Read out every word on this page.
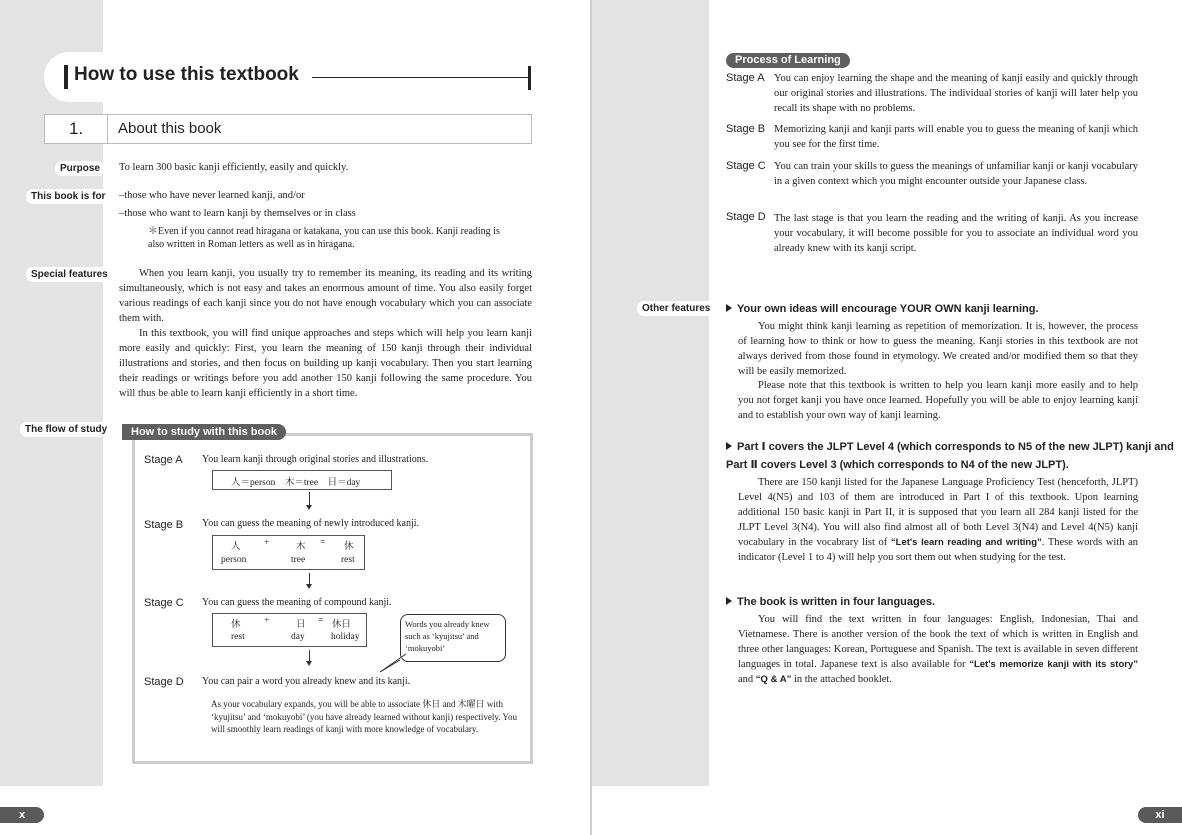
How to use this textbook
1. About this book
Purpose	To learn 300 basic kanji efficiently, easily and quickly.
This book is for	–those who have never learned kanji, and/or
–those who want to learn kanji by themselves or in class
＊Even if you cannot read hiragana or katakana, you can use this book. Kanji reading is also written in Roman letters as well as in hiragana.
Special features	When you learn kanji, you usually try to remember its meaning, its reading and its writing simultaneously, which is not easy and takes an enormous amount of time. You also easily forget various readings of each kanji since you do not have enough vocabulary which you can associate them with.
In this textbook, you will find unique approaches and steps which will help you learn kanji more easily and quickly: First, you learn the meaning of 150 kanji through their individual illustrations and stories, and then focus on building up kanji vocabulary. Then you start learning their readings or writings before you add another 150 kanji following the same procedure. You will thus be able to learn kanji efficiently in a short time.
The flow of study	How to study with this book
Stage A You learn kanji through original stories and illustrations.
人＝person　木＝tree　日＝day
Stage B You can guess the meaning of newly introduced kanji.
人 +	木 = 休
person	tree	rest
Stage C You can guess the meaning of compound kanji.
休 +	日 = 休日
rest	day	holiday
Words you already knew such as ‘kyujitsu’ and ‘mokuyobi’
Stage D You can pair a word you already knew and its kanji.
As your vocabulary expands, you will be able to associate 休日 and 木曜日 with ‘kyujitsu’ and ‘mokuyobi’ (you have already learned without kanji) respectively. You will smoothly learn readings of kanji with more knowledge of vocabulary.
x
Process of Learning
Stage A You can enjoy learning the shape and the meaning of kanji easily and quickly through our original stories and illustrations. The individual stories of kanji will later help you recall its shape with no problems.
Stage B Memorizing kanji and kanji parts will enable you to guess the meaning of kanji which you see for the first time.
Stage C You can train your skills to guess the meanings of unfamiliar kanji or kanji vocabulary in a given context which you might encounter outside your Japanese class.
Stage D The last stage is that you learn the reading and the writing of kanji. As you increase your vocabulary, it will become possible for you to associate an individual word you already knew with its kanji script.
Other features	Your own ideas will encourage YOUR OWN kanji learning.
You might think kanji learning as repetition of memorization. It is, however, the process of learning how to think or how to guess the meaning. Kanji stories in this textbook are not always derived from those found in etymology. We created and/or modified them so that they will be easily memorized.
Please note that this textbook is written to help you learn kanji more easily and to help you not forget kanji you have once learned. Hopefully you will be able to enjoy learning kanji and to establish your own way of kanji learning.
Part Ⅰ covers the JLPT Level 4 (which corresponds to N5 of the new JLPT) kanji and
Part Ⅱ covers Level 3 (which corresponds to N4 of the new JLPT).
There are 150 kanji listed for the Japanese Language Proficiency Test (henceforth, JLPT) Level 4(N5) and 103 of them are introduced in Part I of this textbook. Upon learning additional 150 basic kanji in Part II, it is supposed that you learn all 284 kanji listed for the JLPT Level 3(N4). You will also find almost all of both Level 3(N4) and Level 4(N5) kanji vocabulary in the vocabrary list of “Let's learn reading and writing”. These words with an indicator (Level 1 to 4) will help you sort them out when studying for the test.
The book is written in four languages.
You will find the text written in four languages: English, Indonesian, Thai and Vietnamese. There is another version of the book the text of which is written in English and three other languages: Korean, Portuguese and Spanish. The text is available in seven different languages in total. Japanese text is also available for “Let's memorize kanji with its story” and “Q & A” in the attached booklet.
xi
